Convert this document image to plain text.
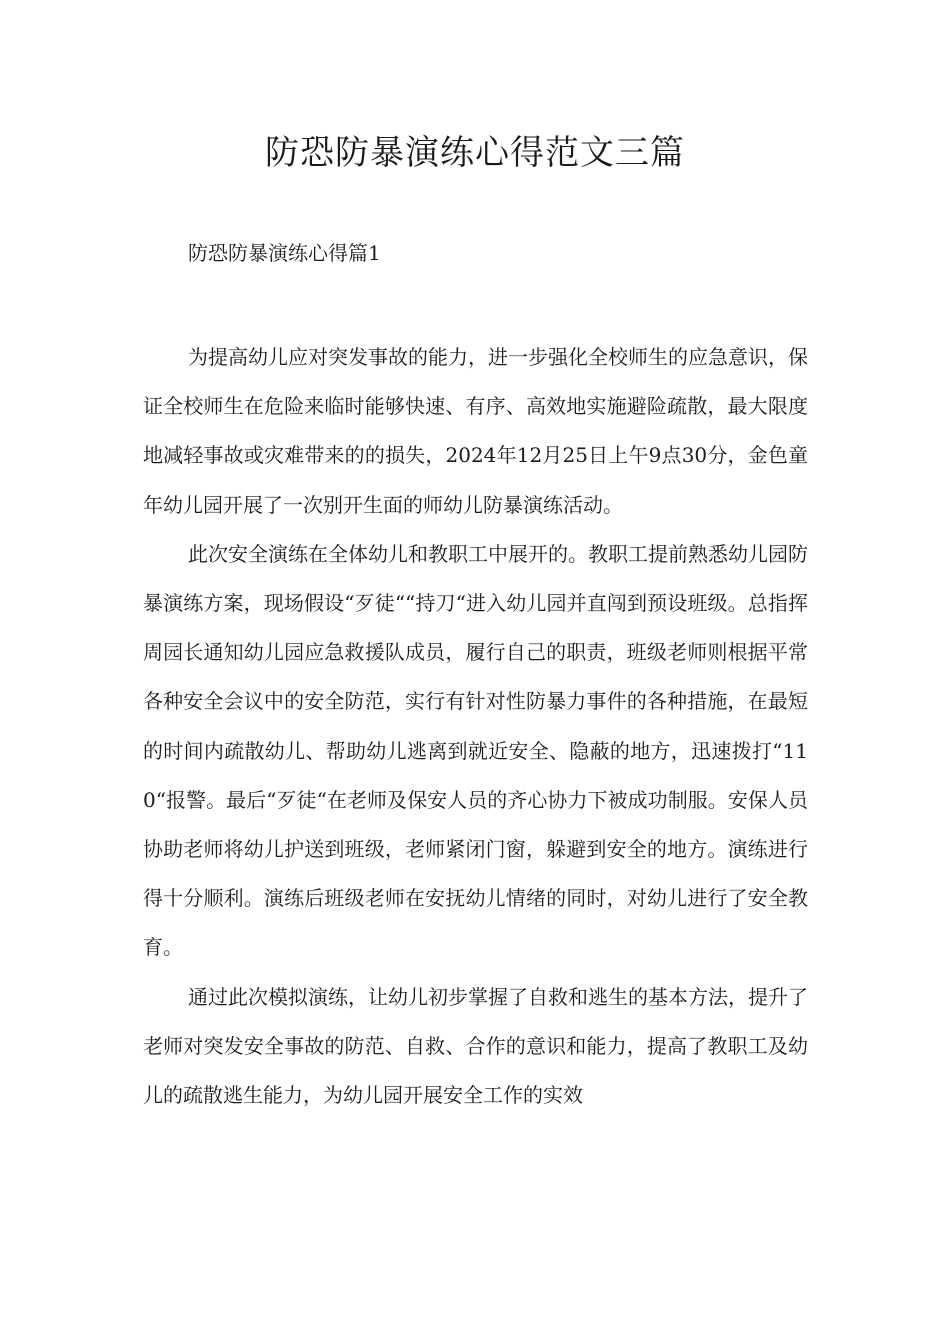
防恐防暴演练心得范文三篇
防恐防暴演练心得篇1

为提高幼儿应对突发事故的能力，进一步强化全校师生的应急意识，保证全校师生在危险来临时能够快速、有序、高效地实施避险疏散，最大限度地减轻事故或灾难带来的的损失，2024年12月25日上午9点30分，金色童年幼儿园开展了一次别开生面的师幼儿防暴演练活动。

此次安全演练在全体幼儿和教职工中展开的。教职工提前熟悉幼儿园防暴演练方案，现场假设“歹徒““持刀“进入幼儿园并直闯到预设班级。总指挥周园长通知幼儿园应急救援队成员，履行自己的职责，班级老师则根据平常各种安全会议中的安全防范，实行有针对性防暴力事件的各种措施，在最短的时间内疏散幼儿、帮助幼儿逃离到就近安全、隐蔽的地方，迅速拨打“110“报警。最后“歹徒“在老师及保安人员的齐心协力下被成功制服。安保人员协助老师将幼儿护送到班级，老师紧闭门窗，躲避到安全的地方。演练进行得十分顺利。演练后班级老师在安抚幼儿情绪的同时，对幼儿进行了安全教育。

通过此次模拟演练，让幼儿初步掌握了自救和逃生的基本方法，提升了老师对突发安全事故的防范、自救、合作的意识和能力，提高了教职工及幼儿的疏散逃生能力，为幼儿园开展安全工作的实效
